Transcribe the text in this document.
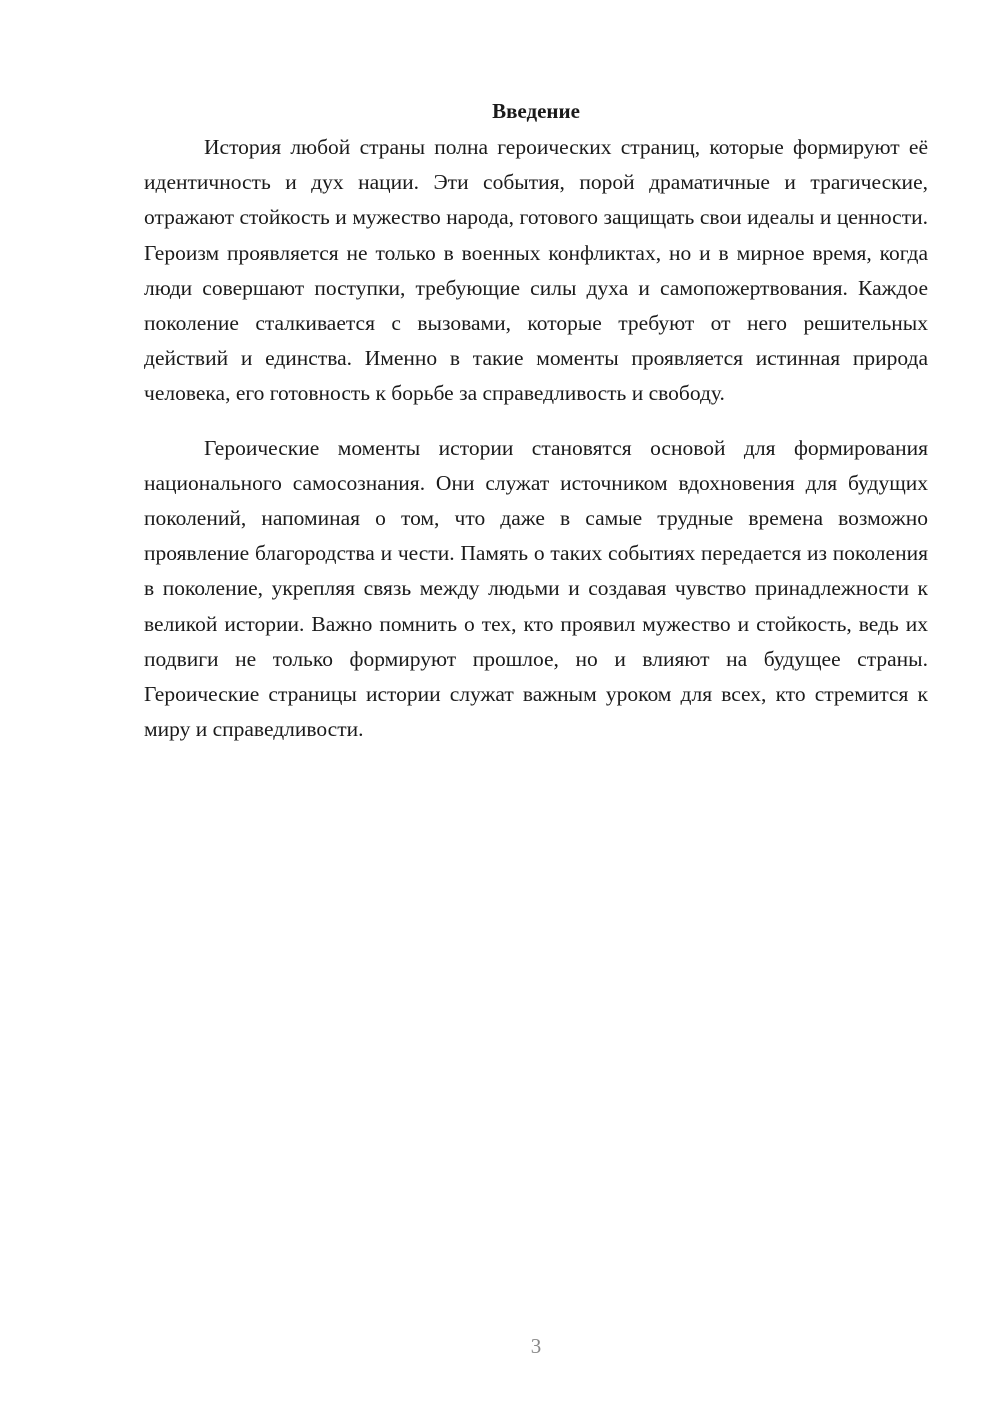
Введение

История любой страны полна героических страниц, которые формируют её идентичность и дух нации. Эти события, порой драматичные и трагические, отражают стойкость и мужество народа, готового защищать свои идеалы и ценности. Героизм проявляется не только в военных конфликтах, но и в мирное время, когда люди совершают поступки, требующие силы духа и самопожертвования. Каждое поколение сталкивается с вызовами, которые требуют от него решительных действий и единства. Именно в такие моменты проявляется истинная природа человека, его готовность к борьбе за справедливость и свободу.

Героические моменты истории становятся основой для формирования национального самосознания. Они служат источником вдохновения для будущих поколений, напоминая о том, что даже в самые трудные времена возможно проявление благородства и чести. Память о таких событиях передается из поколения в поколение, укрепляя связь между людьми и создавая чувство принадлежности к великой истории. Важно помнить о тех, кто проявил мужество и стойкость, ведь их подвиги не только формируют прошлое, но и влияют на будущее страны. Героические страницы истории служат важным уроком для всех, кто стремится к миру и справедливости.

3
